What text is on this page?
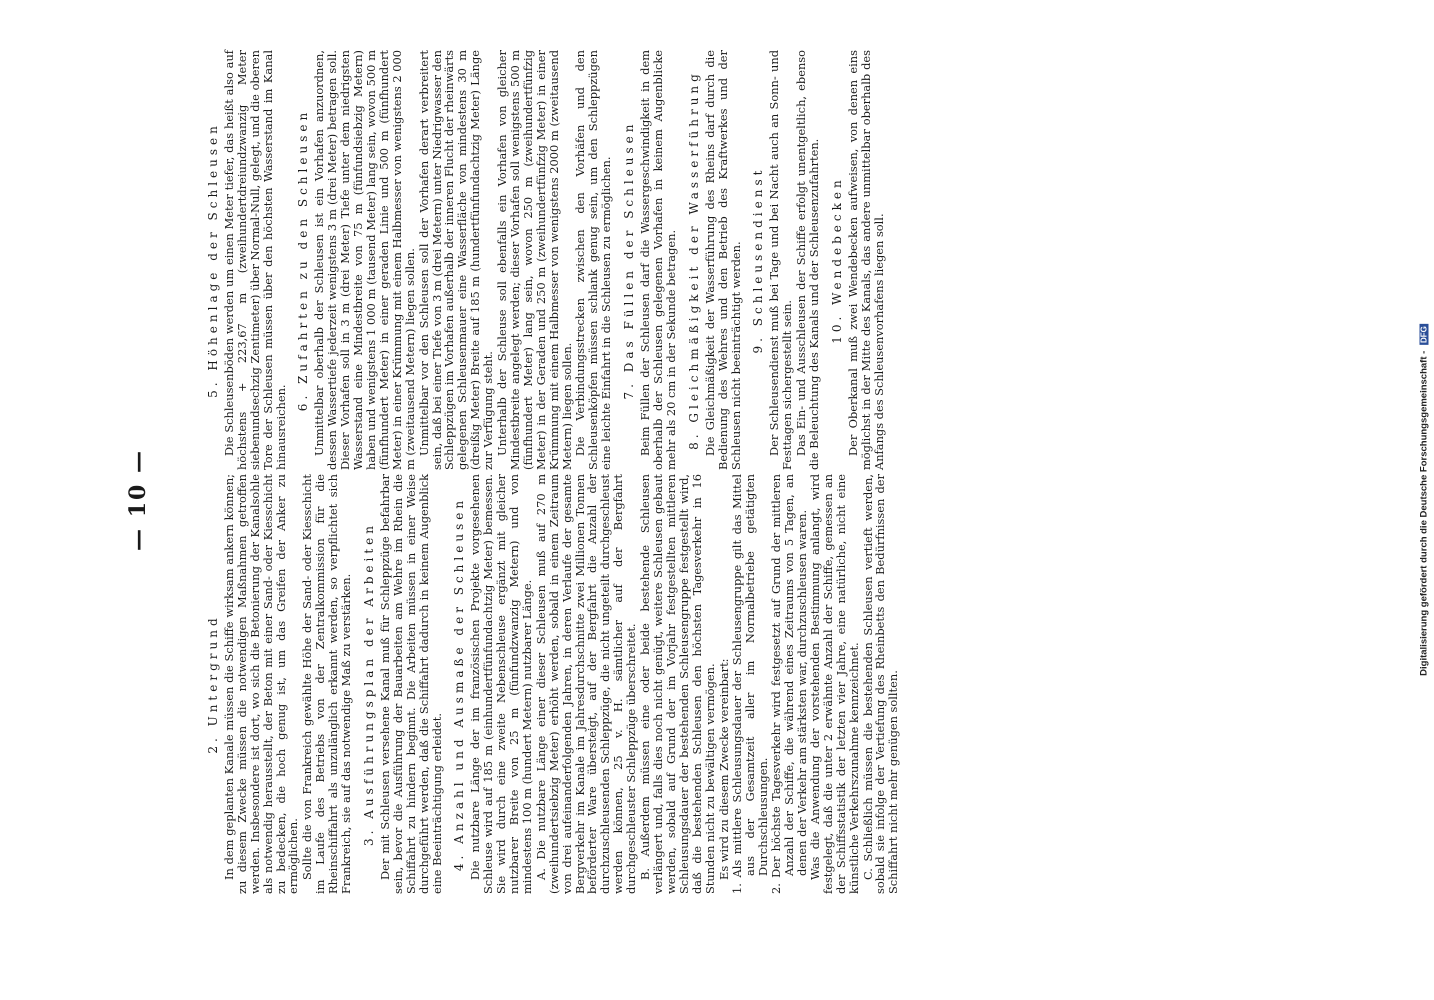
— 10 —
2. Untergrund In dem geplanten Kanale müssen die Schiffe wirksam ankern können; zu diesem Zwecke müssen die notwendigen Maßnahmen getroffen werden. Insbesondere ist dort, wo sich die Betonierung der Kanalsohle als notwendig herausstellt, der Beton mit einer Sand- oder Kiesschicht zu bedecken, die hoch genug ist, um das Greifen der Anker zu ermöglichen. Sollte die von Frankreich gewählte Höhe der Sand- oder Kiesschicht im Laufe des Betriebs von der Zentralkommission für die Rheinschiffahrt als unzulänglich erkannt werden, so verpflichtet sich Frankreich, sie auf das notwendige Maß zu verstärken. 3. Ausführungsplan der Arbeiten Der mit Schleusen versehene Kanal muß für Schleppzüge befahrbar sein, bevor die Ausführung der Bauarbeiten am Wehre im Rhein die Schiffahrt zu hindern beginnt. Die Arbeiten müssen in einer Weise durchgeführt werden, daß die Schiffahrt dadurch in keinem Augenblick eine Beeinträchtigung erleidet. 4. Anzahl und Ausmaße der Schleusen Die nutzbare Länge der im französischen Projekte vorgesehenen Schleuse wird auf 185 m (einhundertfünfundachtzig Meter) bemessen. Sie wird durch eine zweite Nebenschleuse ergänzt mit gleicher nutzbarer Breite von 25 m (fünfundzwanzig Metern) und von mindestens 100 m (hundert Metern) nutzbarer Länge. A. Die nutzbare Länge einer dieser Schleusen muß auf 270 m (zweihundertsiebzig Meter) erhöht werden, sobald in einem Zeitraum von drei aufeinanderfolgenden Jahren, in deren Verlaufe der gesamte Bergverkehr im Kanale im Jahresdurchschnitte zwei Millionen Tonnen beförderter Ware übersteigt, auf der Bergfahrt die Anzahl der durchzuschleusenden Schleppzüge, die nicht ungeteilt durchgeschleust werden können, 25 v. H. sämtlicher auf der Bergfahrt durchgeschleuster Schleppzüge überschreitet. B. Außerdem müssen eine oder beide bestehende Schleusen verlängert und, falls dies noch nicht genügt, weitere Schleusen gebaut werden, sobald auf Grund der im Vorjahr festgestellten mittleren Schleusungsdauer der bestehenden Schleusengruppe festgestellt wird, daß die bestehenden Schleusen den höchsten Tagesverkehr in 16 Stunden nicht zu bewältigen vermögen. Es wird zu diesem Zwecke vereinbart: 1. Als mittlere Schleusungsdauer der Schleusengruppe gilt das Mittel aus der Gesamtzeit aller im Normalbetriebe getätigten Durchschleusungen.
2. Der höchste Tagesverkehr wird festgesetzt auf Grund der mittleren Anzahl der Schiffe, die während eines Zeitraums von 5 Tagen, an denen der Verkehr am stärksten war, durchzuschleusen waren.
Was die Anwendung der vorstehenden Bestimmung anlangt, wird festgelegt, daß die unter 2 erwähnte Anzahl der Schiffe, gemessen an der Schiffsstatistik der letzten vier Jahre, eine natürliche, nicht eine künstliche Verkehrszunahme kennzeichnet. C. Schließlich müssen die bestehenden Schleusen vertieft werden, sobald sie infolge der Vertiefung des Rheinbetts den Bedürfnissen der Schiffahrt nicht mehr genügen sollten.
5. Höhenlage der Schleusen Die Schleusenböden werden um einen Meter tiefer, das heißt also auf höchstens + 223,67 m (zweihundertdreiundzwanzig Meter siebenundsechzig Zentimeter) über Normal-Null, gelegt, und die oberen Tore der Schleusen müssen über den höchsten Wasserstand im Kanal hinausreichen.
6. Zufahrten zu den Schleusen Unmittelbar oberhalb der Schleusen ist ein Vorhafen anzuordnen, dessen Wassertiefe jederzeit wenigstens 3 m (drei Meter) betragen soll. Dieser Vorhafen soll in 3 m (drei Meter) Tiefe unter dem niedrigsten Wasserstand eine Mindestbreite von 75 m (fünfundsiebzig Metern) haben und wenigstens 1 000 m (tausend Meter) lang sein, wovon 500 m (fünfhundert Meter) in einer geraden Linie und 500 m (fünfhundert Meter) in einer Krümmung mit einem Halbmesser von wenigstens 2 000 m (zweitausend Metern) liegen sollen. Unmittelbar vor den Schleusen soll der Vorhafen derart verbreitert sein, daß bei einer Tiefe von 3 m (drei Metern) unter Niedrigwasser den Schleppzügen im Vorhafen außerhalb der inneren Flucht der rheinwärts gelegenen Schleusenmauer eine Wasserfläche von mindestens 30 m (dreißig Meter) Breite auf 185 m (hundertfünfundachtzig Meter) Länge zur Verfügung steht. Unterhalb der Schleuse soll ebenfalls ein Vorhafen von gleicher Mindestbreite angelegt werden; dieser Vorhafen soll wenigstens 500 m (fünfhundert Meter) lang sein, wovon 250 m (zweihundertfünfzig Meter) in der Geraden und 250 m (zweihundertfünfzig Meter) in einer Krümmung mit einem Halbmesser von wenigstens 2000 m (zweitausend Metern) liegen sollen. Die Verbindungsstrecken zwischen den Vorhäfen und den Schleusenköpfen müssen schlank genug sein, um den Schleppzügen eine leichte Einfahrt in die Schleusen zu ermöglichen. 7. Das Füllen der Schleusen Beim Füllen der Schleusen darf die Wassergeschwindigkeit in dem oberhalb der Schleusen gelegenen Vorhafen in keinem Augenblicke mehr als 20 cm in der Sekunde betragen. 8. Gleichmäßigkeit der Wasserführung Die Gleichmäßigkeit der Wasserführung des Rheins darf durch die Bedienung des Wehres und den Betrieb des Kraftwerkes und der Schleusen nicht beeinträchtigt werden. 9. Schleusendienst Der Schleusendienst muß bei Tage und bei Nacht auch an Sonn- und Festtagen sichergestellt sein. Das Ein- und Ausschleusen der Schiffe erfolgt unentgeltlich, ebenso die Beleuchtung des Kanals und der Schleusenzufahrten. 10. Wendebecken Der Oberkanal muß zwei Wendebecken aufweisen, von denen eins möglichst in der Mitte des Kanals, das andere unmittelbar oberhalb des Anfangs des Schleusenvorhafens liegen soll.
Digitalisierung gefördert durch die Deutsche Forschungsgemeinschaft - DFG
